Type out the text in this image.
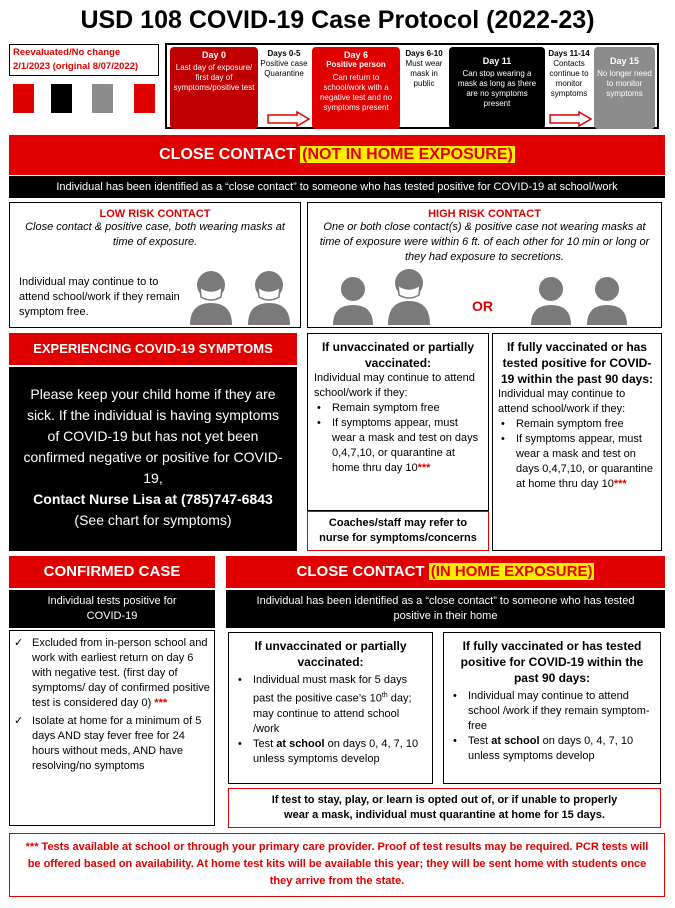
USD 108 COVID-19 Case Protocol (2022-23)
Reevaluated/No change
2/1/2023 (original 8/07/2022)
Day 0
Last day of exposure/ first day of symptoms/positive test
Days 0-5
Positive case Quarantine
Day 6
Positive person
Can return to school/work with a negative test and no symptoms present
Days 6-10
Must wear mask in public
Day 11
Can stop wearing a mask as long as there are no symptoms present
Days 11-14
Contacts continue to monitor symptoms
Day 15
No longer need to monitor symptoms
CLOSE CONTACT (NOT IN HOME EXPOSURE)
Individual has been identified as a “close contact” to someone who has tested positive for COVID-19 at school/work
LOW RISK CONTACT
Close contact & positive case, both wearing masks at time of exposure.
Individual may continue to to attend school/work if they remain symptom free.
HIGH RISK CONTACT
One or both close contact(s) & positive case not wearing masks at time of exposure were within 6 ft. of each other for 10 min or long or they had exposure to secretions.
OR
EXPERIENCING COVID-19 SYMPTOMS
Please keep your child home if they are sick. If the individual is having symptoms of COVID-19 but has not yet been confirmed negative or positive for COVID-19,
Contact Nurse Lisa at (785)747-6843
(See chart for symptoms)
If unvaccinated or partially vaccinated:
Individual may continue to attend school/work if they:
• Remain symptom free
• If symptoms appear, must wear a mask and test on days 0,4,7,10, or quarantine at home thru day 10***
Coaches/staff may refer to nurse for symptoms/concerns
If fully vaccinated or has tested positive for COVID-19 within the past 90 days:
Individual may continue to attend school/work if they:
• Remain symptom free
• If symptoms appear, must wear a mask and test on days 0,4,7,10, or quarantine at home thru day 10***
CONFIRMED CASE
Individual tests positive for COVID-19
✓ Excluded from in-person school and work with earliest return on day 6 with negative test. (first day of symptoms/ day of confirmed positive test is considered day 0) ***
✓ Isolate at home for a minimum of 5 days AND stay fever free for 24 hours without meds, AND have resolving/no symptoms
CLOSE CONTACT (IN HOME EXPOSURE)
Individual has been identified as a “close contact” to someone who has tested positive in their home
If unvaccinated or partially vaccinated:
• Individual must mask for 5 days past the positive case’s 10th day; may continue to attend school /work
• Test at school on days 0, 4, 7, 10 unless symptoms develop
If fully vaccinated or has tested positive for COVID-19 within the past 90 days:
• Individual may continue to attend school /work if they remain symptom-free
• Test at school on days 0, 4, 7, 10 unless symptoms develop
If test to stay, play, or learn is opted out of, or if unable to properly wear a mask, individual must quarantine at home for 15 days.
*** Tests available at school or through your primary care provider. Proof of test results may be required. PCR tests will be offered based on availability. At home test kits will be available this year; they will be sent home with students once they arrive from the state.
